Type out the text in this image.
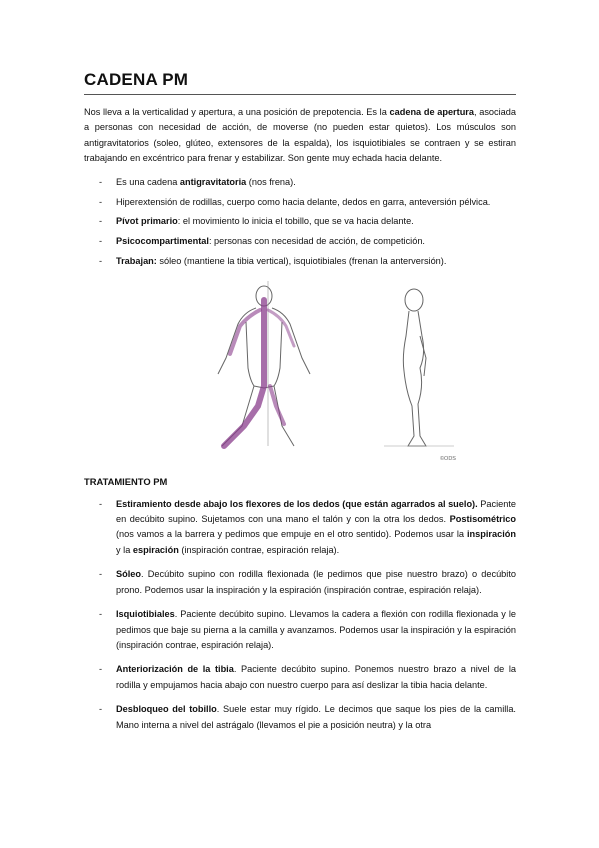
CADENA PM

Nos lleva a la verticalidad y apertura, a una posición de prepotencia. Es la cadena de apertura, asociada a personas con necesidad de acción, de moverse (no pueden estar quietos). Los músculos son antigravitatorios (soleo, glúteo, extensores de la espalda), los isquiotibiales se contraen y se estiran trabajando en excéntrico para frenar y estabilizar. Son gente muy echada hacia delante.

- Es una cadena antigravitatoria (nos frena).
- Hiperextensión de rodillas, cuerpo como hacia delante, dedos en garra, anteversión pélvica.
- Pívot primario: el movimiento lo inicia el tobillo, que se va hacia delante.
- Psicocompartimental: personas con necesidad de acción, de competición.
- Trabajan: sóleo (mantiene la tibia vertical), isquiotibiales (frenan la anterversión).
©ODS
TRATAMIENTO PM
- Estiramiento desde abajo los flexores de los dedos (que están agarrados al suelo). Paciente en decúbito supino. Sujetamos con una mano el talón y con la otra los dedos. Postisométrico (nos vamos a la barrera y pedimos que empuje en el otro sentido). Podemos usar la inspiración y la espiración (inspiración contrae, espiración relaja).
- Sóleo. Decúbito supino con rodilla flexionada (le pedimos que pise nuestro brazo) o decúbito prono. Podemos usar la inspiración y la espiración (inspiración contrae, espiración relaja).
- Isquiotibiales. Paciente decúbito supino. Llevamos la cadera a flexión con rodilla flexionada y le pedimos que baje su pierna a la camilla y avanzamos. Podemos usar la inspiración y la espiración (inspiración contrae, espiración relaja).
- Anteriorización de la tibia. Paciente decúbito supino. Ponemos nuestro brazo a nivel de la rodilla y empujamos hacia abajo con nuestro cuerpo para así deslizar la tibia hacia delante.
- Desbloqueo del tobillo. Suele estar muy rígido. Le decimos que saque los pies de la camilla. Mano interna a nivel del astrágalo (llevamos el pie a posición neutra) y la otra
